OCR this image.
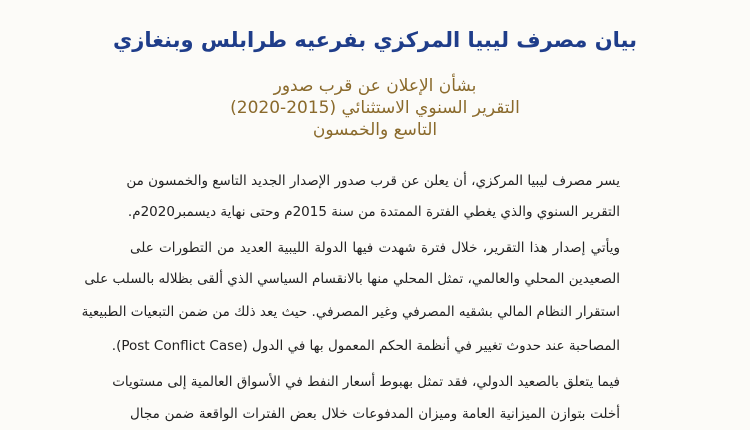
بيان مصرف ليبيا المركزي بفرعيه طرابلس وبنغازي
بشأن الإعلان عن قرب صدور
التقرير السنوي الاستثنائي (2015-2020)
التاسع والخمسون
يسر مصرف ليبيا المركزي، أن يعلن عن قرب صدور الإصدار الجديد التاسع والخمسون من
التقرير السنوي والذي يغطي الفترة الممتدة من سنة 2015م وحتى نهاية ديسمبر2020م.
ويأتي إصدار هذا التقرير، خلال فترة شهدت فيها الدولة الليبية العديد من التطورات على
الصعيدين المحلي والعالمي، تمثل المحلي منها بالانقسام السياسي الذي ألقى بظلاله بالسلب على
استقرار النظام المالي بشقيه المصرفي وغير المصرفي. حيث يعد ذلك من ضمن التبعيات الطبيعية
المصاحبة عند حدوث تغيير في أنظمة الحكم المعمول بها في الدول (Post Conflict Case).
فيما يتعلق بالصعيد الدولي، فقد تمثل بهبوط أسعار النفط في الأسواق العالمية إلى مستويات
أخلت بتوازن الميزانية العامة وميزان المدفوعات خلال بعض الفترات الواقعة ضمن مجال
